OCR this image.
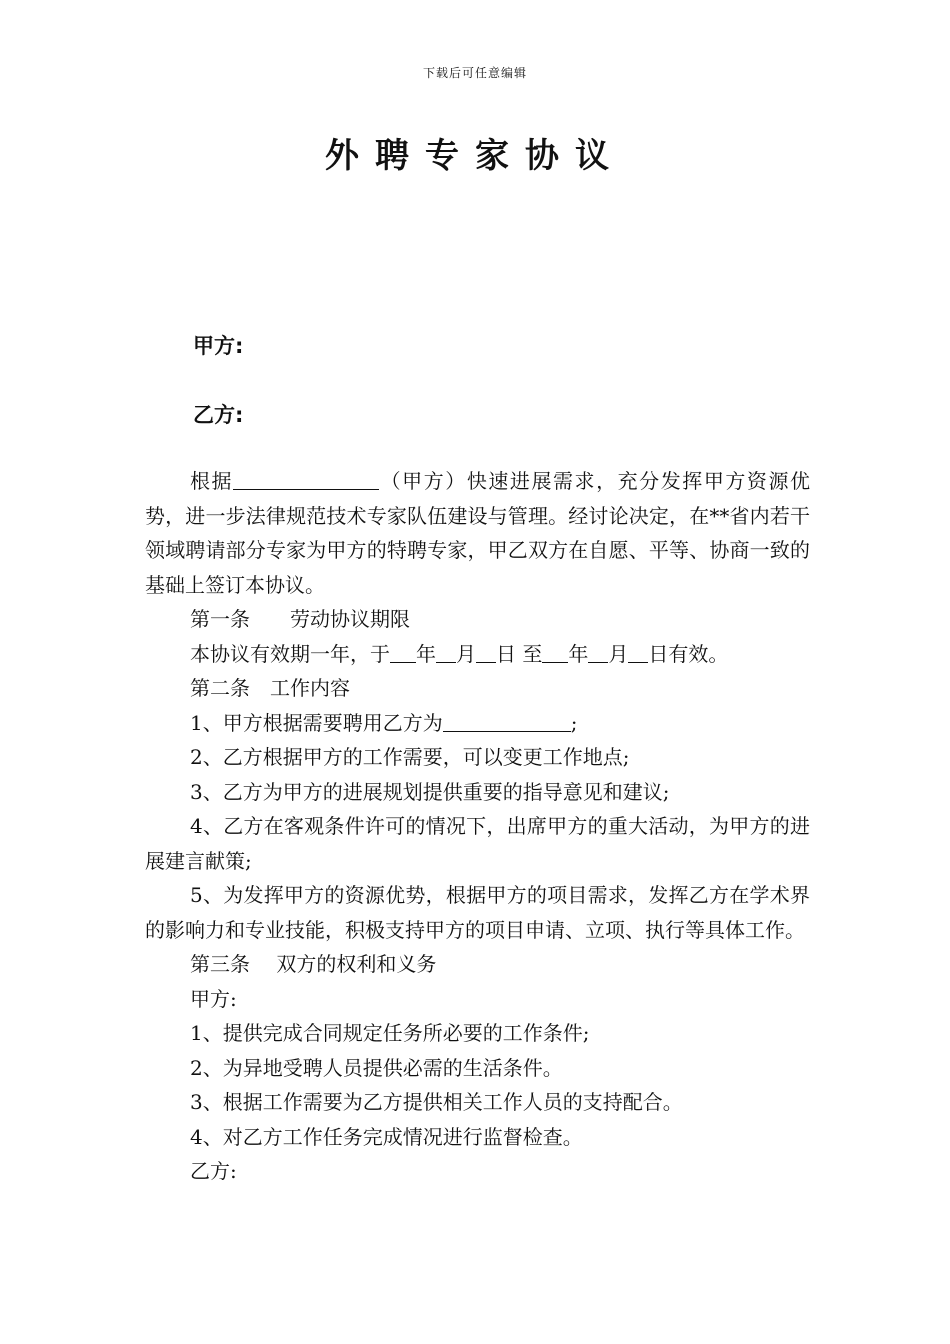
下载后可任意编辑
外聘专家协议
甲方:
乙方:

根据	（甲方）快速进展需求，充分发挥甲方资源优势，进一步法律规范技术专家队伍建设与管理。经讨论决定，在**省内若干领域聘请部分专家为甲方的特聘专家，甲乙双方在自愿、平等、协商一致的基础上签订本协议。

第一条　　劳动协议期限

本协议有效期一年，于 年 月 日 至 年 月 日有效。

第二条　工作内容

1、甲方根据需要聘用乙方为	;

2、乙方根据甲方的工作需要，可以变更工作地点;

3、乙方为甲方的进展规划提供重要的指导意见和建议;

4、乙方在客观条件许可的情况下，出席甲方的重大活动，为甲方的进展建言献策;

5、为发挥甲方的资源优势，根据甲方的项目需求，发挥乙方在学术界的影响力和专业技能，积极支持甲方的项目申请、立项、执行等具体工作。

第三条　 双方的权利和义务

甲方:

1、提供完成合同规定任务所必要的工作条件;

2、为异地受聘人员提供必需的生活条件。

3、根据工作需要为乙方提供相关工作人员的支持配合。

4、对乙方工作任务完成情况进行监督检查。

乙方:
